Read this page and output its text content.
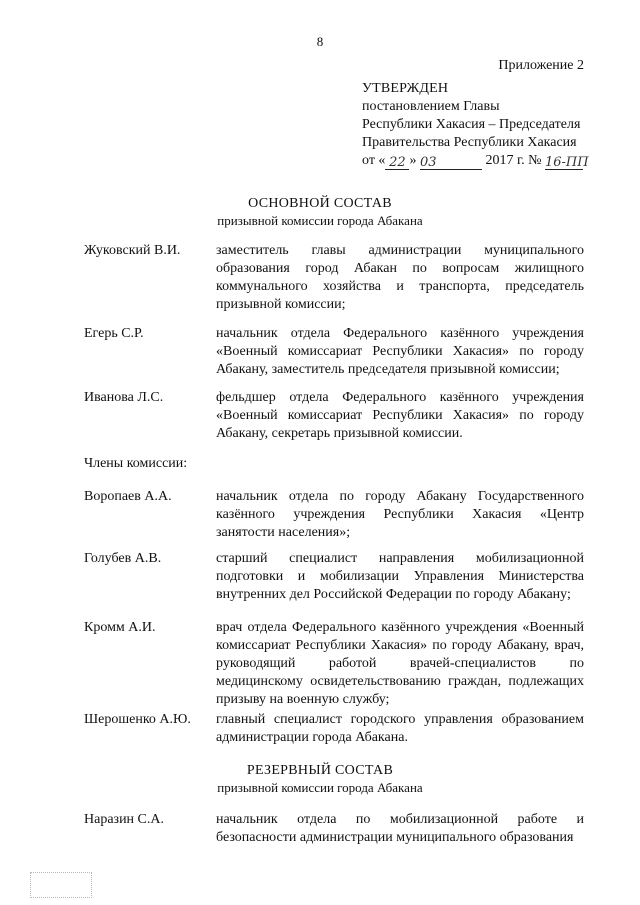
8
Приложение 2
УТВЕРЖДЕН
постановлением Главы
Республики Хакасия – Председателя
Правительства Республики Хакасия
от « 22 » 03	2017 г. № 16-ПП
ОСНОВНОЙ СОСТАВ
призывной комиссии города Абакана
Жуковский В.И.	заместитель главы администрации муниципального образования город Абакан по вопросам жилищного коммунального хозяйства и транспорта, председатель призывной комиссии;
Егерь С.Р.	начальник отдела Федерального казённого учреждения «Военный комиссариат Республики Хакасия» по городу Абакану, заместитель председателя призывной комиссии;
Иванова Л.С.	фельдшер отдела Федерального казённого учреждения «Военный комиссариат Республики Хакасия» по городу Абакану, секретарь призывной комиссии.
Члены комиссии:
Воропаев А.А.	начальник отдела по городу Абакану Государственного казённого учреждения Республики Хакасия «Центр занятости населения»;
Голубев А.В.	старший специалист направления мобилизационной подготовки и мобилизации Управления Министерства внутренних дел Российской Федерации по городу Абакану;
Кромм А.И.	врач отдела Федерального казённого учреждения «Военный комиссариат Республики Хакасия» по городу Абакану, врач, руководящий работой врачей-специалистов по медицинскому освидетельствованию граждан, подлежащих призыву на военную службу;
Шерошенко А.Ю.	главный специалист городского управления образованием администрации города Абакана.
РЕЗЕРВНЫЙ СОСТАВ
призывной комиссии города Абакана
Наразин С.А.	начальник отдела по мобилизационной работе и безопасности администрации муниципального образования
